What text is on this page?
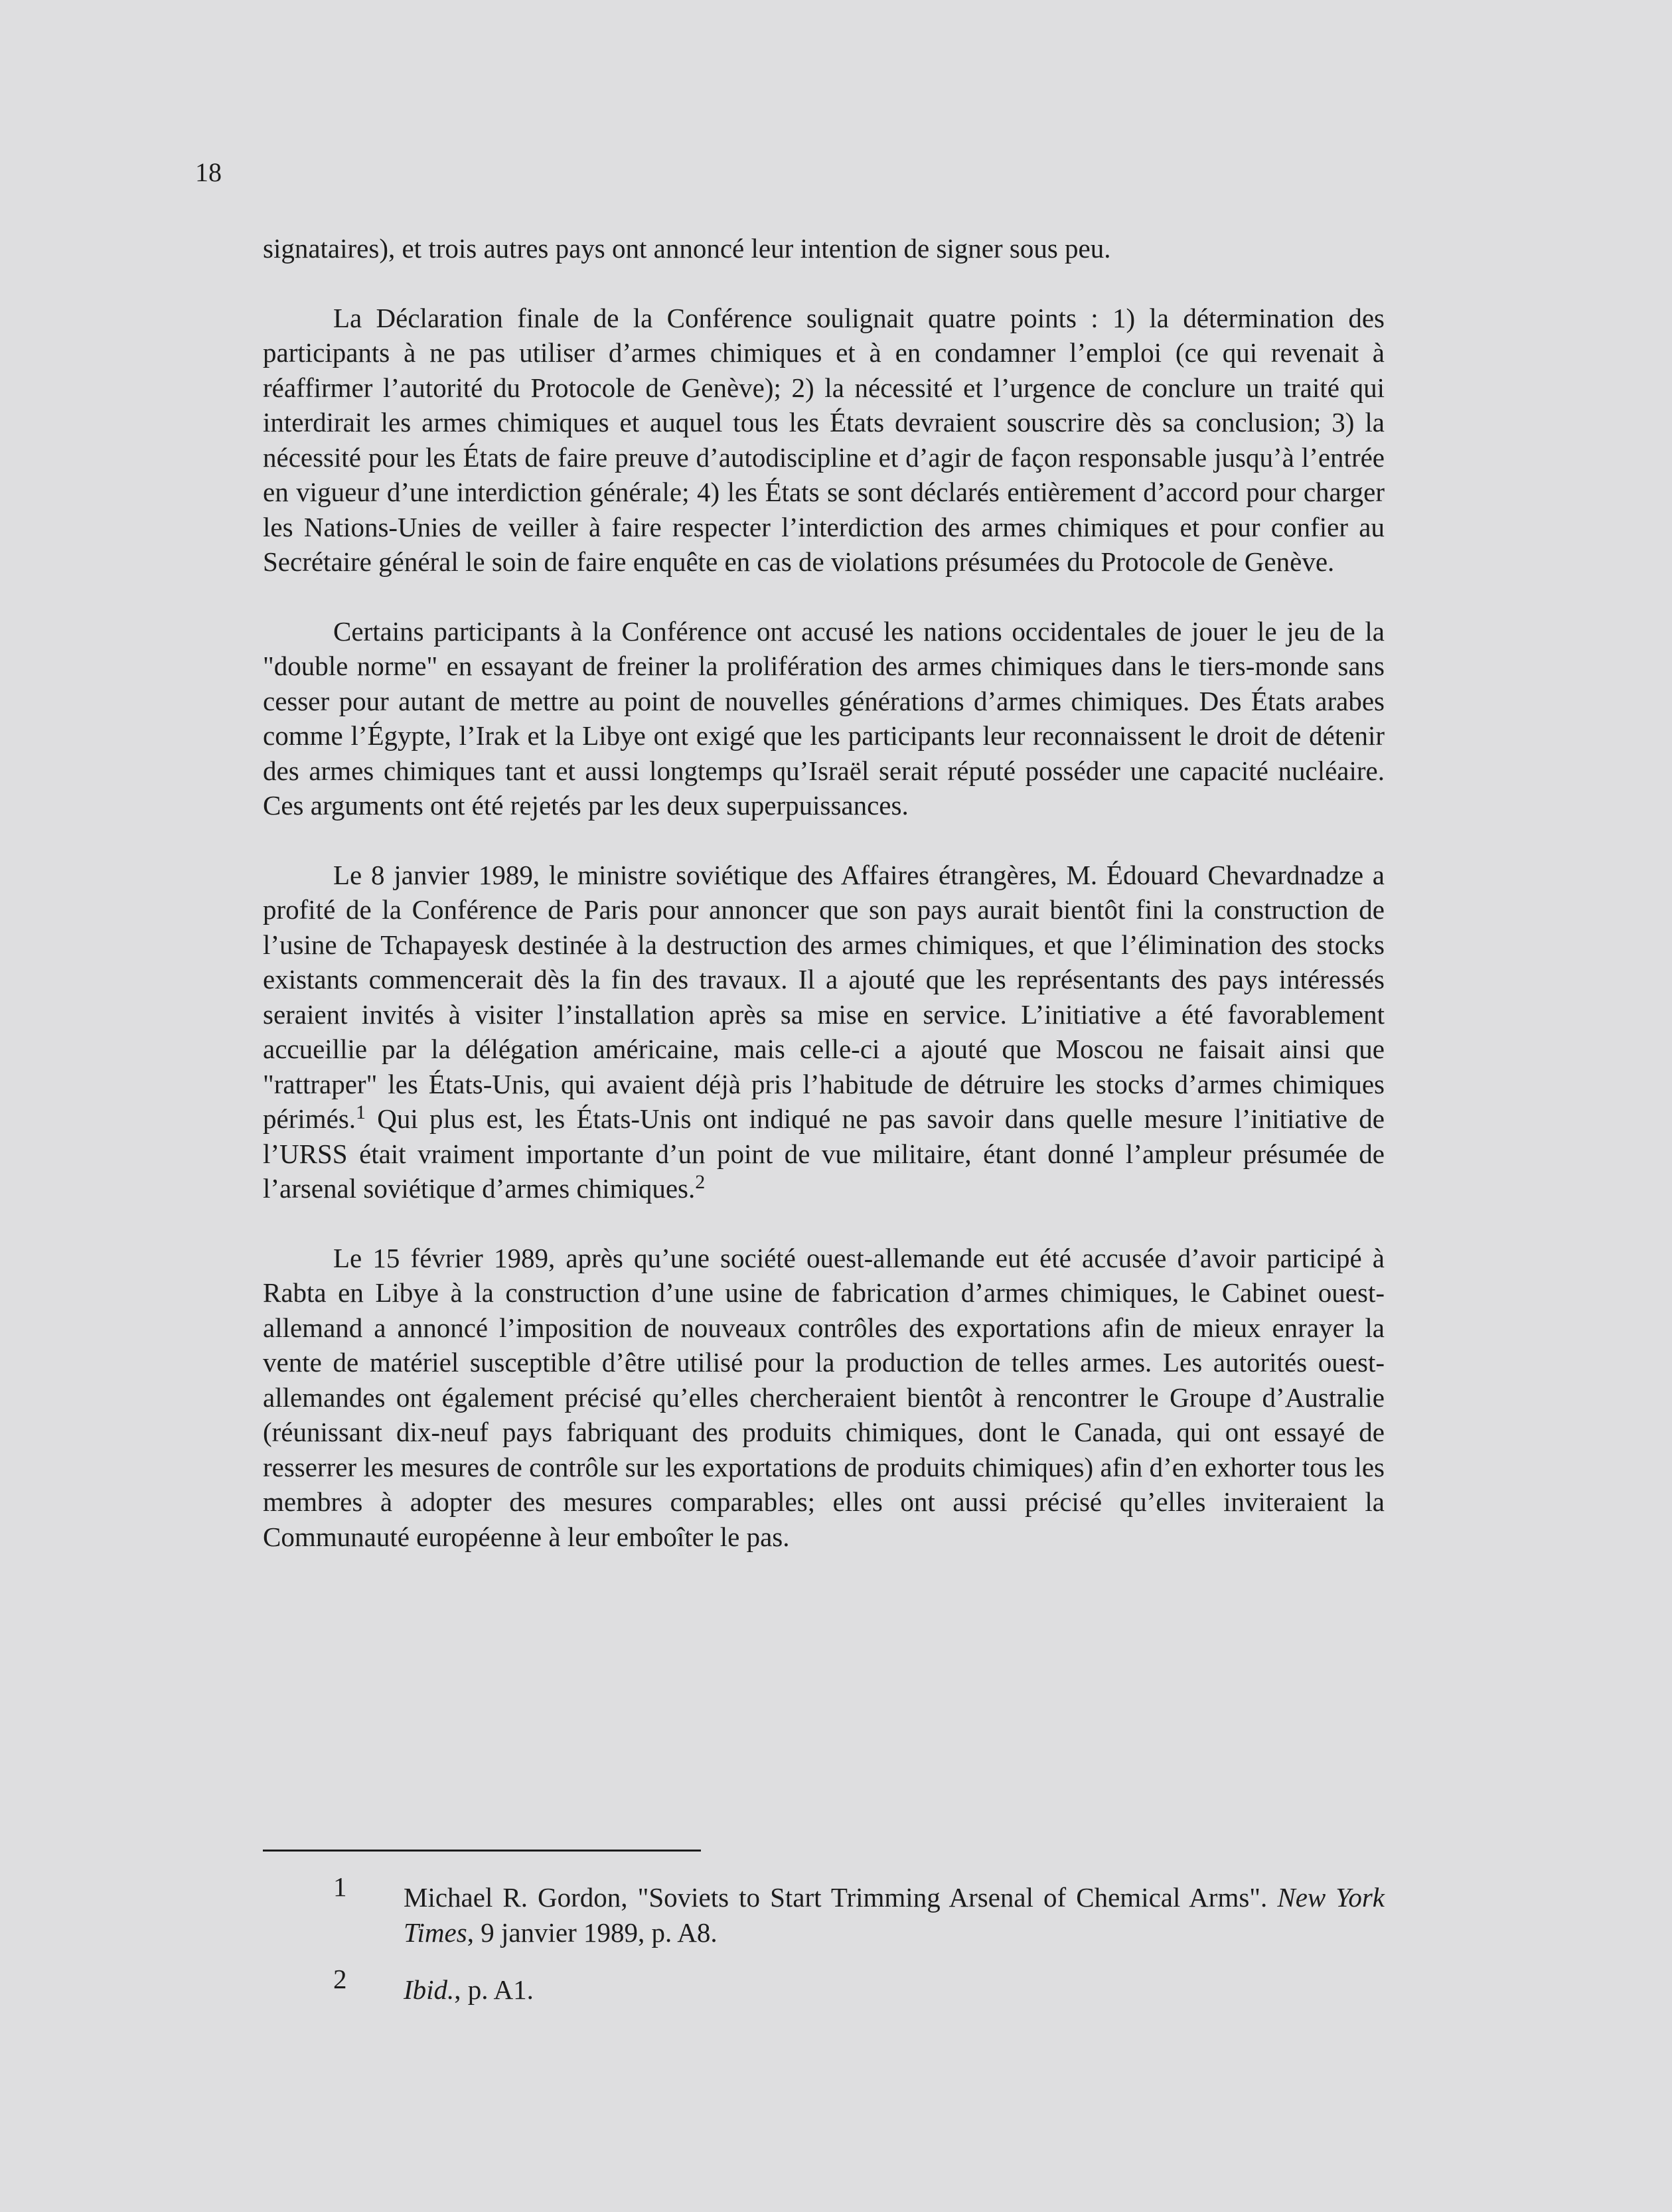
18

signataires), et trois autres pays ont annoncé leur intention de signer sous peu.

La Déclaration finale de la Conférence soulignait quatre points : 1) la détermination des participants à ne pas utiliser d’armes chimiques et à en condamner l’emploi (ce qui revenait à réaffirmer l’autorité du Protocole de Genève); 2) la nécessité et l’urgence de conclure un traité qui interdirait les armes chimiques et auquel tous les États devraient souscrire dès sa conclusion; 3) la nécessité pour les États de faire preuve d’autodiscipline et d’agir de façon responsable jusqu’à l’entrée en vigueur d’une interdiction générale; 4) les États se sont déclarés entièrement d’accord pour charger les Nations-Unies de veiller à faire respecter l’interdiction des armes chimiques et pour confier au Secrétaire général le soin de faire enquête en cas de violations présumées du Protocole de Genève.

Certains participants à la Conférence ont accusé les nations occidentales de jouer le jeu de la "double norme" en essayant de freiner la prolifération des armes chimiques dans le tiers-monde sans cesser pour autant de mettre au point de nouvelles générations d’armes chimiques. Des États arabes comme l’Égypte, l’Irak et la Libye ont exigé que les participants leur reconnaissent le droit de détenir des armes chimiques tant et aussi longtemps qu’Israël serait réputé posséder une capacité nucléaire. Ces arguments ont été rejetés par les deux superpuissances.

Le 8 janvier 1989, le ministre soviétique des Affaires étrangères, M. Édouard Chevardnadze a profité de la Conférence de Paris pour annoncer que son pays aurait bientôt fini la construction de l’usine de Tchapayesk destinée à la destruction des armes chimiques, et que l’élimination des stocks existants commencerait dès la fin des travaux. Il a ajouté que les représentants des pays intéressés seraient invités à visiter l’installation après sa mise en service. L’initiative a été favorablement accueillie par la délégation américaine, mais celle-ci a ajouté que Moscou ne faisait ainsi que "rattraper" les États-Unis, qui avaient déjà pris l’habitude de détruire les stocks d’armes chimiques périmés.$^1$ Qui plus est, les États-Unis ont indiqué ne pas savoir dans quelle mesure l’initiative de l’URSS était vraiment importante d’un point de vue militaire, étant donné l’ampleur présumée de l’arsenal soviétique d’armes chimiques.$^2$

Le 15 février 1989, après qu’une société ouest-allemande eut été accusée d’avoir participé à Rabta en Libye à la construction d’une usine de fabrication d’armes chimiques, le Cabinet ouest-allemand a annoncé l’imposition de nouveaux contrôles des exportations afin de mieux enrayer la vente de matériel susceptible d’être utilisé pour la production de telles armes. Les autorités ouest-allemandes ont également précisé qu’elles chercheraient bientôt à rencontrer le Groupe d’Australie (réunissant dix-neuf pays fabriquant des produits chimiques, dont le Canada, qui ont essayé de resserrer les mesures de contrôle sur les exportations de produits chimiques) afin d’en exhorter tous les membres à adopter des mesures comparables; elles ont aussi précisé qu’elles inviteraient la Communauté européenne à leur emboîter le pas.

1	Michael R. Gordon, "Soviets to Start Trimming Arsenal of Chemical Arms". New York Times, 9 janvier 1989, p. A8.
2	Ibid., p. A1.
